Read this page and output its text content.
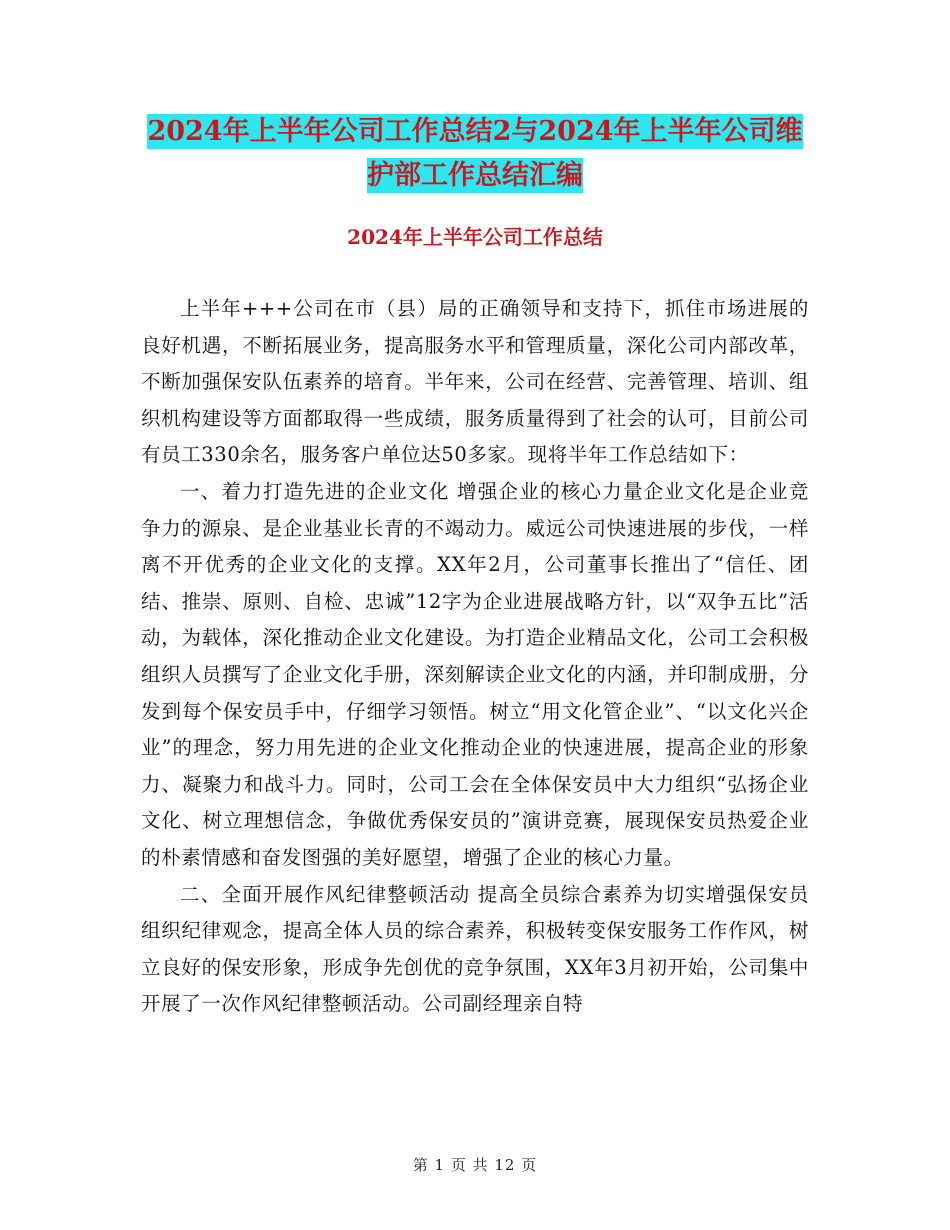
2024年上半年公司工作总结2与2024年上半年公司维
护部工作总结汇编
2024年上半年公司工作总结

上半年+++公司在市（县）局的正确领导和支持下，抓住市场进展的良好机遇，不断拓展业务，提高服务水平和管理质量，深化公司内部改革，不断加强保安队伍素养的培育。半年来，公司在经营、完善管理、培训、组织机构建设等方面都取得一些成绩，服务质量得到了社会的认可，目前公司有员工330余名，服务客户单位达50多家。现将半年工作总结如下：

一、着力打造先进的企业文化 增强企业的核心力量企业文化是企业竞争力的源泉、是企业基业长青的不竭动力。威远公司快速进展的步伐，一样离不开优秀的企业文化的支撑。XX年2月，公司董事长推出了“信任、团结、推崇、原则、自检、忠诚”12字为企业进展战略方针，以“双争五比”活动，为载体，深化推动企业文化建设。为打造企业精品文化，公司工会积极组织人员撰写了企业文化手册，深刻解读企业文化的内涵，并印制成册，分发到每个保安员手中，仔细学习领悟。树立“用文化管企业”、“以文化兴企业”的理念，努力用先进的企业文化推动企业的快速进展，提高企业的形象力、凝聚力和战斗力。同时，公司工会在全体保安员中大力组织“弘扬企业文化、树立理想信念，争做优秀保安员的”演讲竞赛，展现保安员热爱企业的朴素情感和奋发图强的美好愿望，增强了企业的核心力量。

二、全面开展作风纪律整顿活动 提高全员综合素养为切实增强保安员组织纪律观念，提高全体人员的综合素养，积极转变保安服务工作作风，树立良好的保安形象，形成争先创优的竞争氛围，XX年3月初开始，公司集中开展了一次作风纪律整顿活动。公司副经理亲自特

第 1 页 共 12 页
